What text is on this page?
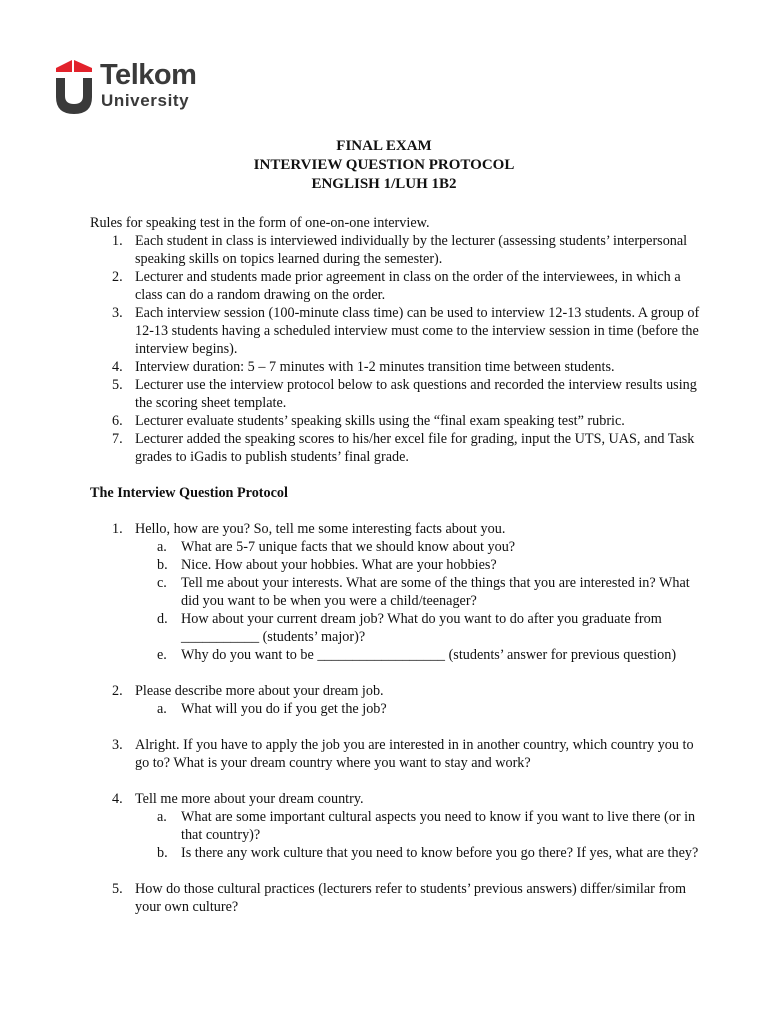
Telkom
University
FINAL EXAM
INTERVIEW QUESTION PROTOCOL
ENGLISH 1/LUH 1B2

Rules for speaking test in the form of one-on-one interview.

1. Each student in class is interviewed individually by the lecturer (assessing students’ interpersonal speaking skills on topics learned during the semester).
2. Lecturer and students made prior agreement in class on the order of the interviewees, in which a class can do a random drawing on the order.
3. Each interview session (100-minute class time) can be used to interview 12-13 students. A group of 12-13 students having a scheduled interview must come to the interview session in time (before the interview begins).
4. Interview duration: 5 – 7 minutes with 1-2 minutes transition time between students.
5. Lecturer use the interview protocol below to ask questions and recorded the interview results using the scoring sheet template.
6. Lecturer evaluate students’ speaking skills using the “final exam speaking test” rubric.
7. Lecturer added the speaking scores to his/her excel file for grading, input the UTS, UAS, and Task grades to iGadis to publish students’ final grade.
The Interview Question Protocol
1. Hello, how are you? So, tell me some interesting facts about you.
a. What are 5-7 unique facts that we should know about you?
b. Nice. How about your hobbies. What are your hobbies?
c. Tell me about your interests. What are some of the things that you are interested in? What did you want to be when you were a child/teenager?
d. How about your current dream job? What do you want to do after you graduate from ___________ (students’ major)?
e. Why do you want to be __________________ (students’ answer for previous question)
2. Please describe more about your dream job.
a. What will you do if you get the job?
3. Alright. If you have to apply the job you are interested in in another country, which country you to go to? What is your dream country where you want to stay and work?
4. Tell me more about your dream country.
a. What are some important cultural aspects you need to know if you want to live there (or in that country)?
b. Is there any work culture that you need to know before you go there? If yes, what are they?
5. How do those cultural practices (lecturers refer to students’ previous answers) differ/similar from your own culture?
